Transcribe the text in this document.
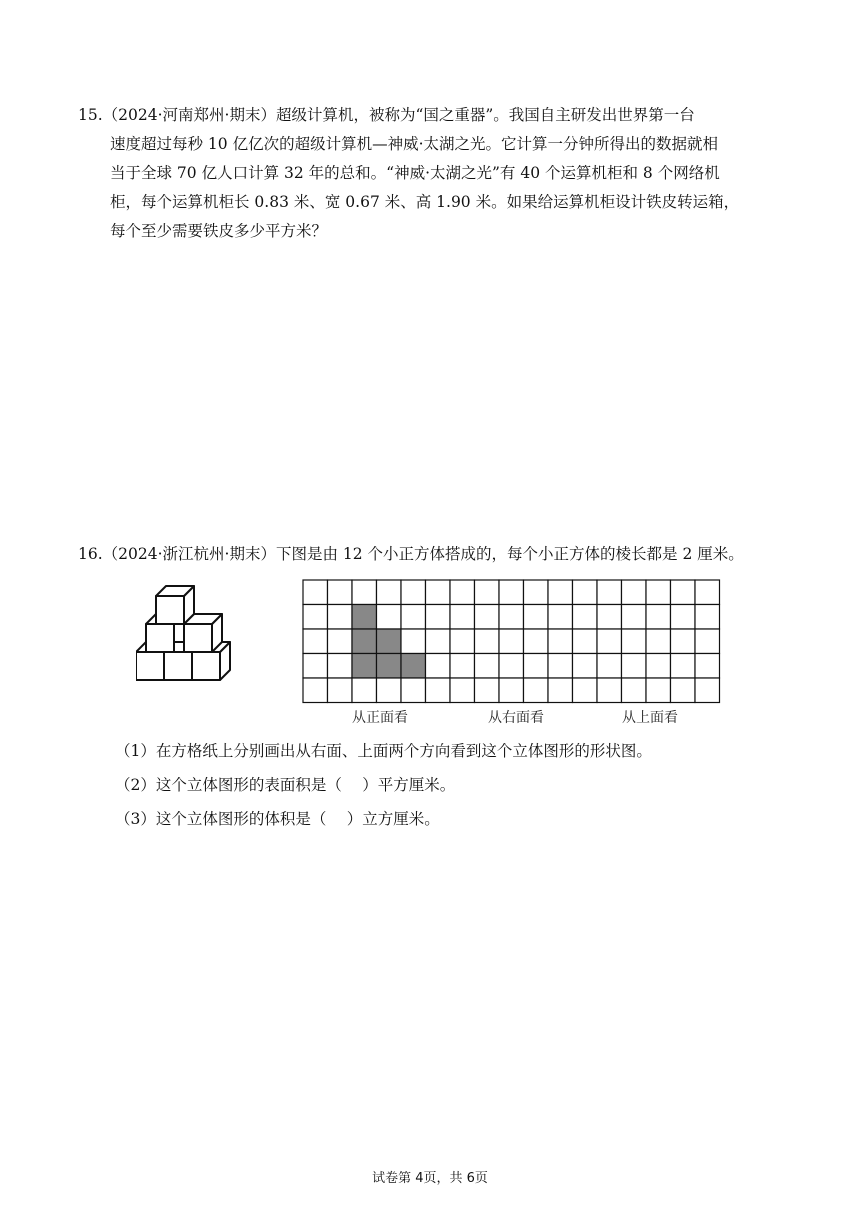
15.（2024·河南郑州·期末）超级计算机，被称为“国之重器”。我国自主研发出世界第一台
速度超过每秒 10 亿亿次的超级计算机—神威·太湖之光。它计算一分钟所得出的数据就相
当于全球 70 亿人口计算 32 年的总和。“神威·太湖之光”有 40 个运算机柜和 8 个网络机
柜，每个运算机柜长 0.83 米、宽 0.67 米、高 1.90 米。如果给运算机柜设计铁皮转运箱，
每个至少需要铁皮多少平方米？
16.（2024·浙江杭州·期末）下图是由 12 个小正方体搭成的，每个小正方体的棱长都是 2 厘米。
从正面看	从右面看	从上面看
（1）在方格纸上分别画出从右面、上面两个方向看到这个立体图形的形状图。
（2）这个立体图形的表面积是（　 ）平方厘米。
（3）这个立体图形的体积是（　 ）立方厘米。
试卷第 4页，共 6页
